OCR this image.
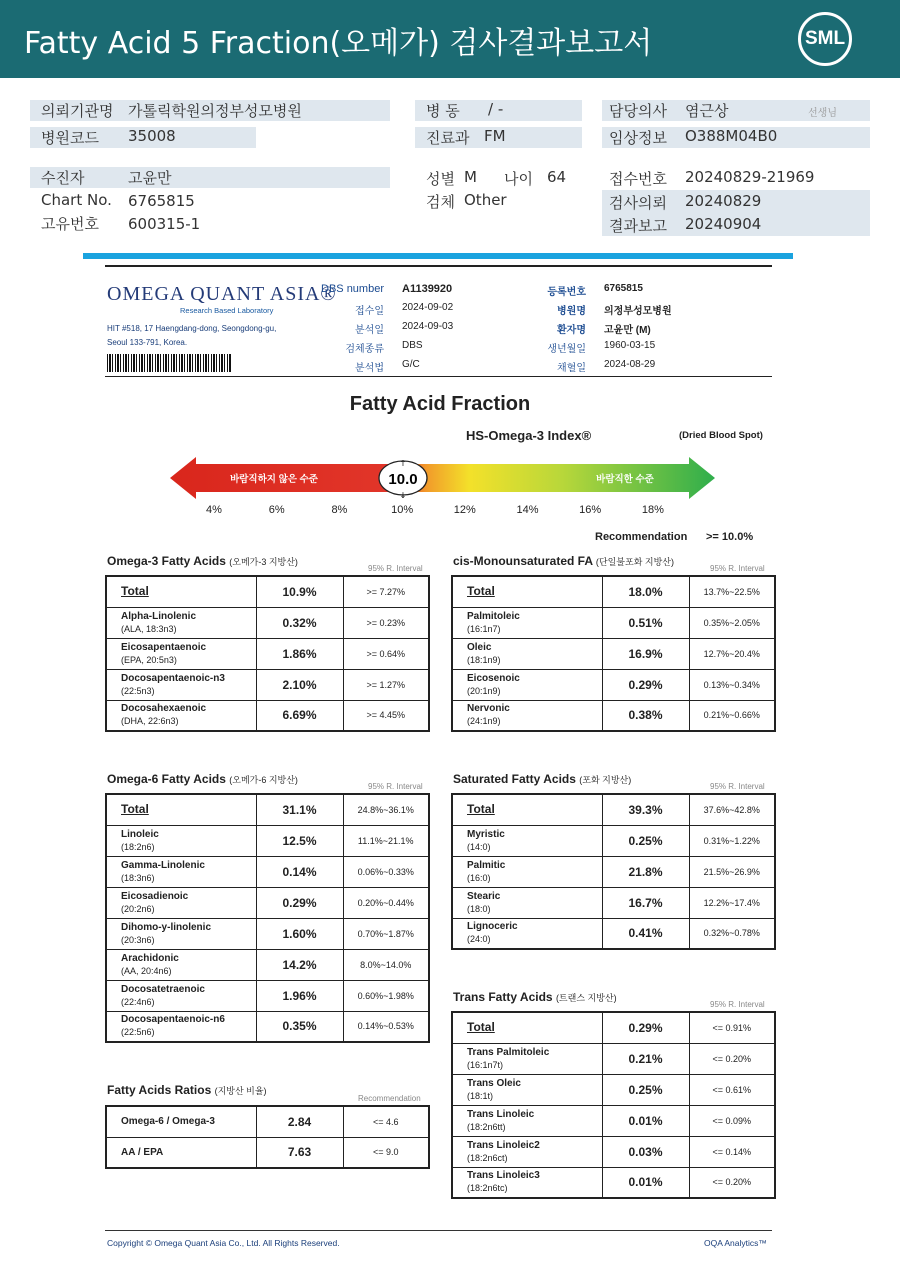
Fatty Acid 5 Fraction(오메가) 검사결과보고서	SML
의뢰기관명 가톨릭학원의정부성모병원
병원코드 35008
병 동 / -
진료과 FM
담당의사 염근상	선생님
임상정보 O388M04B0
수진자	고윤만
Chart No. 6765815
고유번호 600315-1
성별 M 나이 64
검체 Other
접수번호 20240829-21969
검사의뢰 20240829
결과보고 20240904
OMEGA QUANT ASIA®
Research Based Laboratory
HIT #518, 17 Haengdang-dong, Seongdong-gu,
Seoul 133-791, Korea.
DBS number A1139920
접수일 2024-09-02
분석일 2024-09-03
검체종류 DBS
분석법 G/C
등록번호 6765815
병원명 의정부성모병원
환자명 고윤만 (M)
생년월일 1960-03-15
채혈일 2024-08-29
Fatty Acid Fraction
HS-Omega-3 Index®	(Dried Blood Spot)
바람직하지 않은 수준	바람직한 수준
10.0
↑
↓
4%	6%	8%	10%	12%	14%	16%	18%
Recommendation >= 10.0%
Omega-3 Fatty Acids (오메가-3 지방산)
95% R. Interval
Total	10.9%	>= 7.27%
Alpha-Linolenic
(ALA, 18:3n3)	0.32%	>= 0.23%
Eicosapentaenoic
(EPA, 20:5n3)	1.86%	>= 0.64%
Docosapentaenoic-n3
(22:5n3)	2.10%	>= 1.27%
Docosahexaenoic
(DHA, 22:6n3)	6.69%	>= 4.45%
cis-Monounsaturated FA (단일불포화 지방산)
95% R. Interval
Total	18.0%	13.7%~22.5%
Palmitoleic
(16:1n7)	0.51%	0.35%~2.05%
Oleic
(18:1n9)	16.9%	12.7%~20.4%
Eicosenoic
(20:1n9)	0.29%	0.13%~0.34%
Nervonic
(24:1n9)	0.38%	0.21%~0.66%
Omega-6 Fatty Acids (오메가-6 지방산)
95% R. Interval
Total	31.1%	24.8%~36.1%
Linoleic
(18:2n6)	12.5%	11.1%~21.1%
Gamma-Linolenic
(18:3n6)	0.14%	0.06%~0.33%
Eicosadienoic
(20:2n6)	0.29%	0.20%~0.44%
Dihomo-y-linolenic
(20:3n6)	1.60%	0.70%~1.87%
Arachidonic
(AA, 20:4n6)	14.2%	8.0%~14.0%
Docosatetraenoic
(22:4n6)	1.96%	0.60%~1.98%
Docosapentaenoic-n6
(22:5n6)	0.35%	0.14%~0.53%
Saturated Fatty Acids (포화 지방산)
95% R. Interval
Total	39.3%	37.6%~42.8%
Myristic
(14:0)	0.25%	0.31%~1.22%
Palmitic
(16:0)	21.8%	21.5%~26.9%
Stearic
(18:0)	16.7%	12.2%~17.4%
Lignoceric
(24:0)	0.41%	0.32%~0.78%
Trans Fatty Acids (트랜스 지방산)
95% R. Interval
Total	0.29%	<= 0.91%
Trans Palmitoleic
(16:1n7t)	0.21%	<= 0.20%
Trans Oleic
(18:1t)	0.25%	<= 0.61%
Trans Linoleic
(18:2n6tt)	0.01%	<= 0.09%
Trans Linoleic2
(18:2n6ct)	0.03%	<= 0.14%
Trans Linoleic3
(18:2n6tc)	0.01%	<= 0.20%
Fatty Acids Ratios (지방산 비율)
Recommendation
Omega-6 / Omega-3	2.84	<= 4.6
AA / EPA	7.63	<= 9.0
Copyright © Omega Quant Asia Co., Ltd. All Rights Reserved.	OQA Analytics™
